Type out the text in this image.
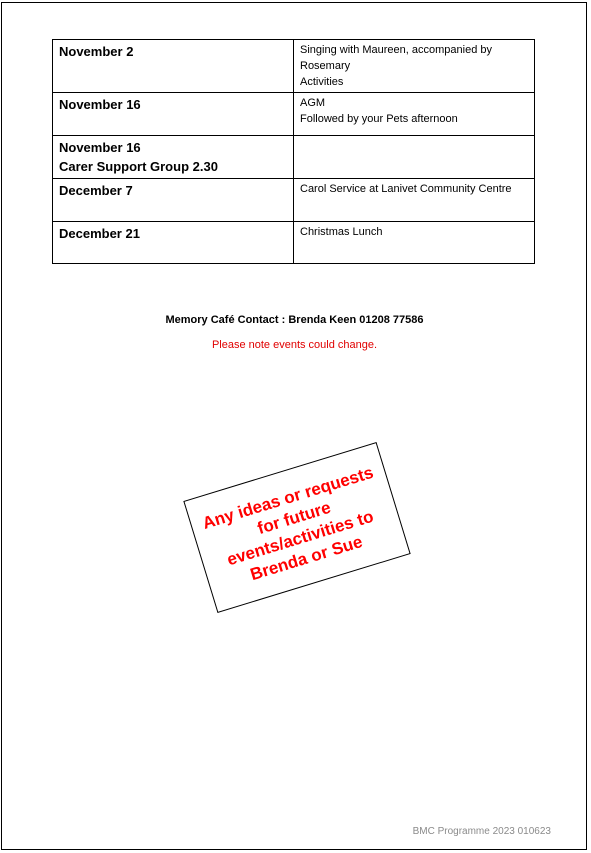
November 2	Singing with Maureen, accompanied by
Rosemary
Activities
November 16	AGM
Followed by your Pets afternoon
November 16
Carer Support Group 2.30	
December 7	Carol Service at Lanivet Community Centre
December 21	Christmas Lunch
Memory Café Contact : Brenda Keen 01208 77586
Please note events could change.
Any ideas or requests
for future
events/activities to
Brenda or Sue
BMC Programme 2023 010623
